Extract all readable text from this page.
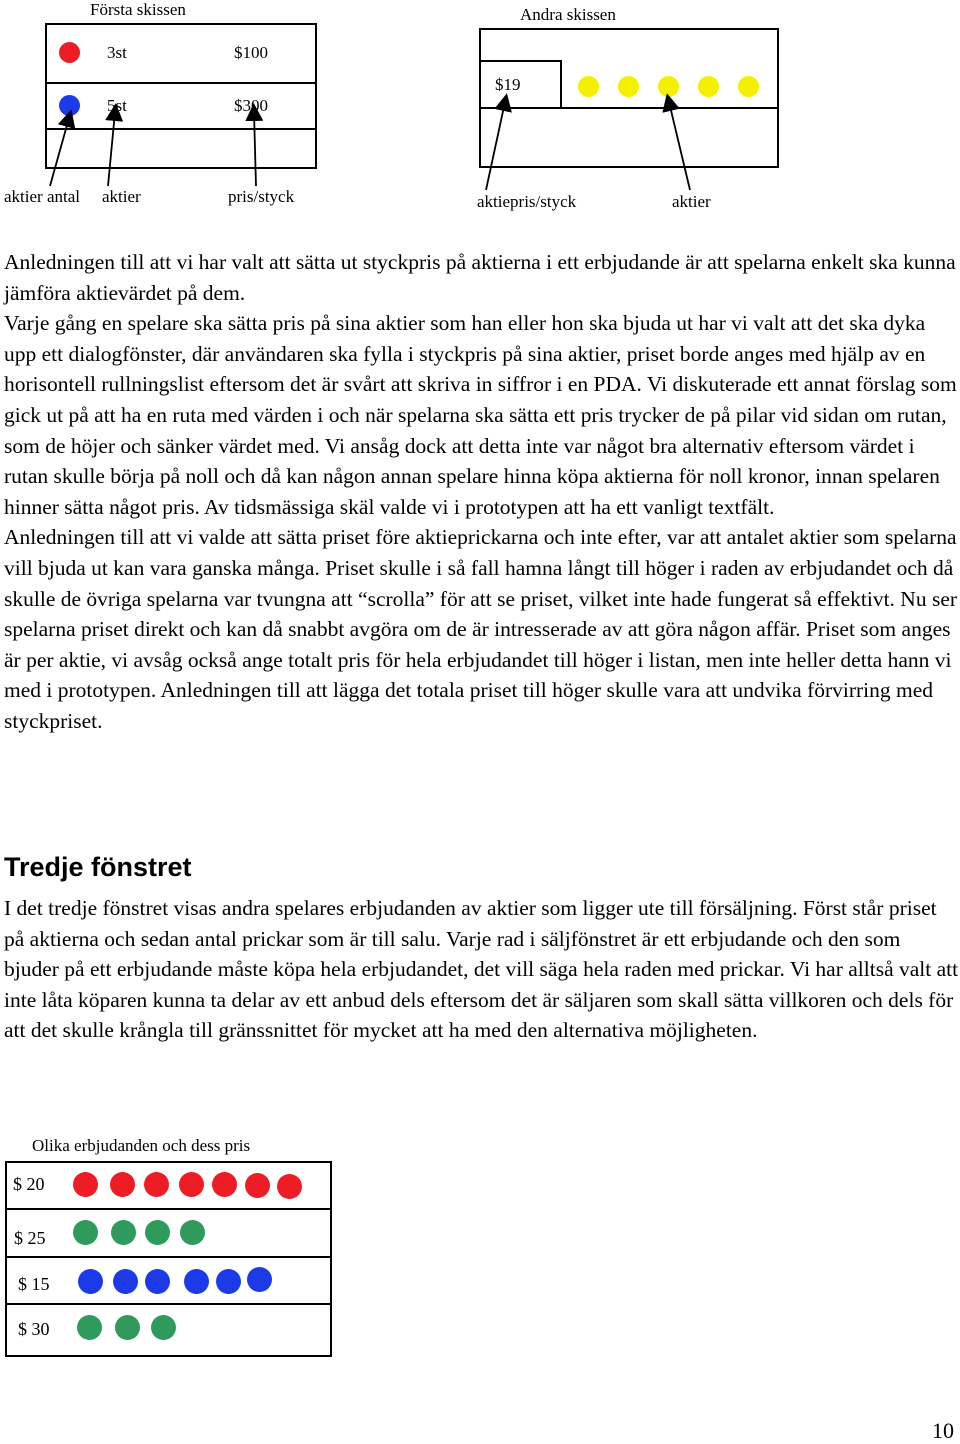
Första skissen
3st	$100
5st	$300
aktier antal aktier	pris/styck
Andra skissen
$19
aktiepris/styck	aktier

Anledningen till att vi har valt att sätta ut styckpris på aktierna i ett erbjudande är att spelarna enkelt ska kunna jämföra aktievärdet på dem.

Varje gång en spelare ska sätta pris på sina aktier som han eller hon ska bjuda ut har vi valt att det ska dyka upp ett dialogfönster, där användaren ska fylla i styckpris på sina aktier, priset borde anges med hjälp av en horisontell rullningslist eftersom det är svårt att skriva in siffror i en PDA. Vi diskuterade ett annat förslag som gick ut på att ha en ruta med värden i och när spelarna ska sätta ett pris trycker de på pilar vid sidan om rutan, som de höjer och sänker värdet med. Vi ansåg dock att detta inte var något bra alternativ eftersom värdet i rutan skulle börja på noll och då kan någon annan spelare hinna köpa aktierna för noll kronor, innan spelaren hinner sätta något pris. Av tidsmässiga skäl valde vi i prototypen att ha ett vanligt textfält.

Anledningen till att vi valde att sätta priset före aktieprickarna och inte efter, var att antalet aktier som spelarna vill bjuda ut kan vara ganska många. Priset skulle i så fall hamna långt till höger i raden av erbjudandet och då skulle de övriga spelarna var tvungna att “scrolla” för att se priset, vilket inte hade fungerat så effektivt. Nu ser spelarna priset direkt och kan då snabbt avgöra om de är intresserade av att göra någon affär. Priset som anges är per aktie, vi avsåg också ange totalt pris för hela erbjudandet till höger i listan, men inte heller detta hann vi med i prototypen. Anledningen till att lägga det totala priset till höger skulle vara att undvika förvirring med styckpriset.

Tredje fönstret

I det tredje fönstret visas andra spelares erbjudanden av aktier som ligger ute till försäljning. Först står priset på aktierna och sedan antal prickar som är till salu. Varje rad i säljfönstret är ett erbjudande och den som bjuder på ett erbjudande måste köpa hela erbjudandet, det vill säga hela raden med prickar. Vi har alltså valt att inte låta köparen kunna ta delar av ett anbud dels eftersom det är säljaren som skall sätta villkoren och dels för att det skulle krångla till gränssnittet för mycket att ha med den alternativa möjligheten.

Olika erbjudanden och dess pris
$ 20
$ 25
$ 15
$ 30
10
